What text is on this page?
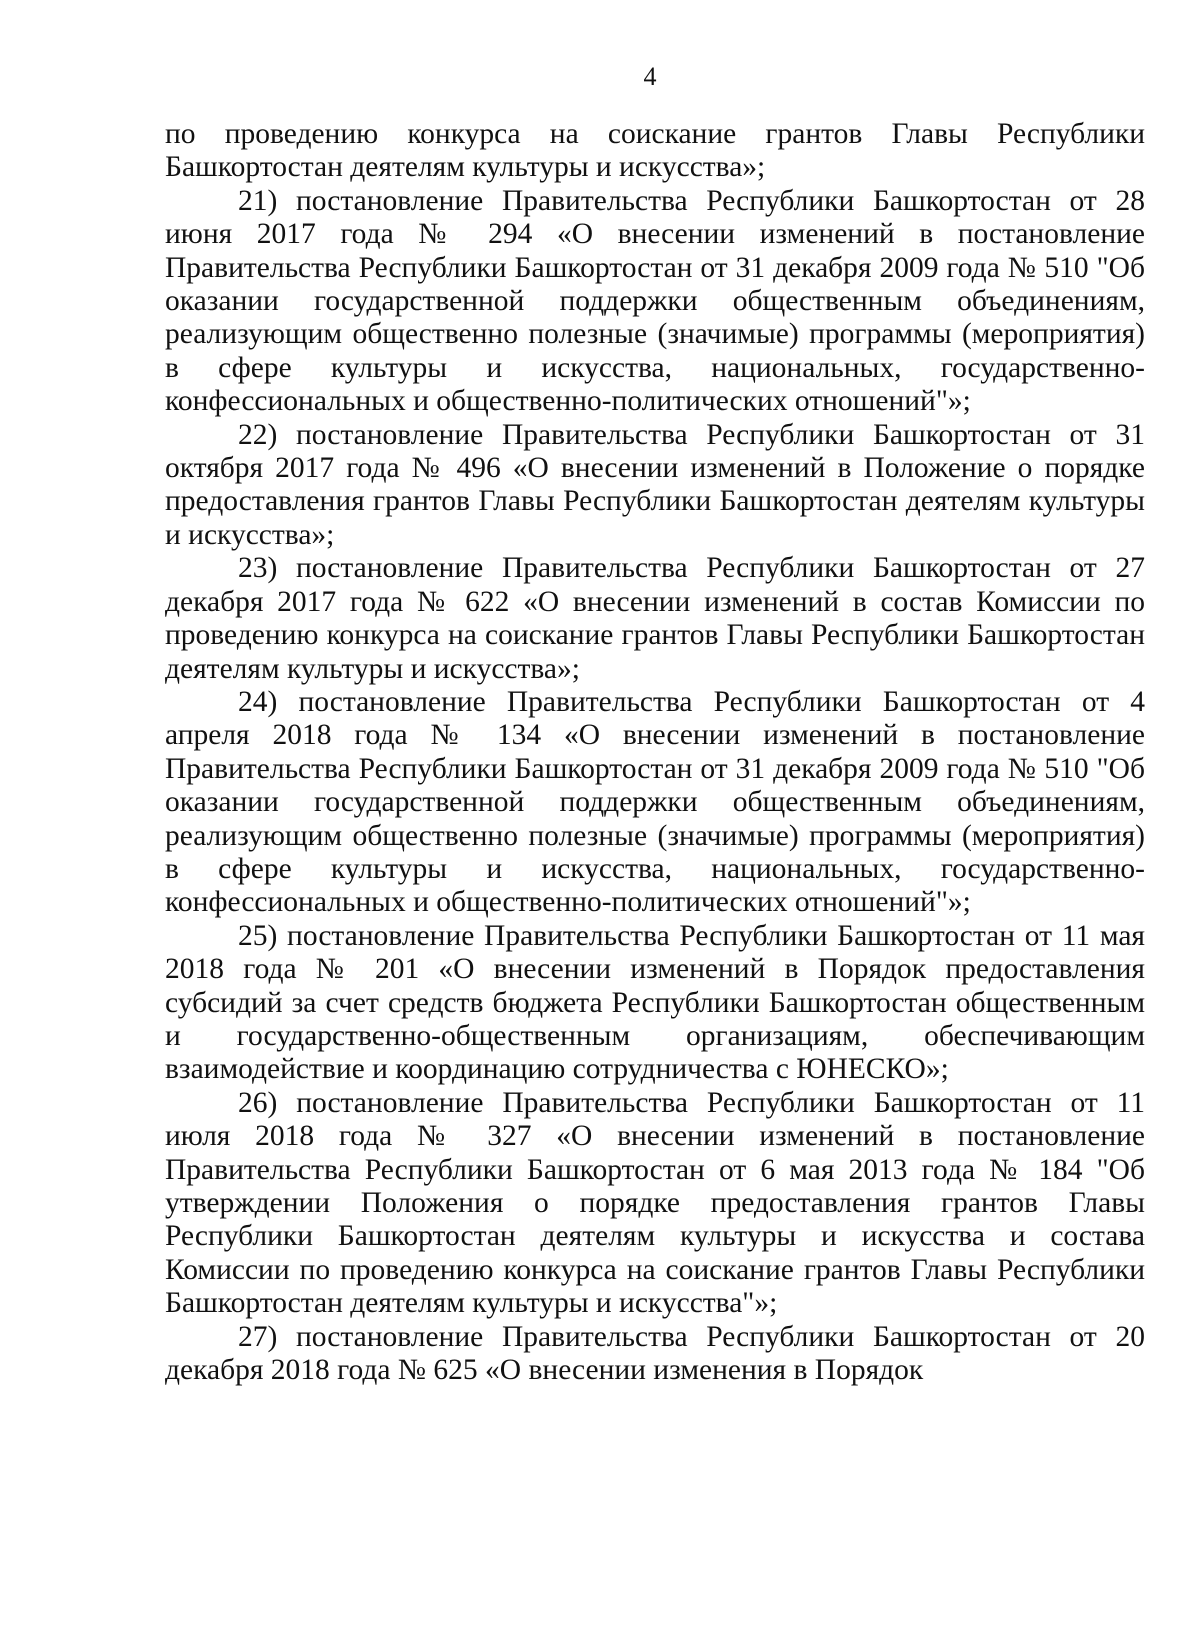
4

по проведению конкурса на соискание грантов Главы Республики Башкортостан деятелям культуры и искусства»;

21) постановление Правительства Республики Башкортостан от 28 июня 2017 года № 294 «О внесении изменений в постановление Правительства Республики Башкортостан от 31 декабря 2009 года № 510 "Об оказании государственной поддержки общественным объединениям, реализующим общественно полезные (значимые) программы (мероприятия) в сфере культуры и искусства, национальных, государственно-конфессиональных и общественно-политических отношений"»;

22) постановление Правительства Республики Башкортостан от 31 октября 2017 года № 496 «О внесении изменений в Положение о порядке предоставления грантов Главы Республики Башкортостан деятелям культуры и искусства»;

23) постановление Правительства Республики Башкортостан от 27 декабря 2017 года № 622 «О внесении изменений в состав Комиссии по проведению конкурса на соискание грантов Главы Республики Башкортостан деятелям культуры и искусства»;

24) постановление Правительства Республики Башкортостан от 4 апреля 2018 года № 134 «О внесении изменений в постановление Правительства Республики Башкортостан от 31 декабря 2009 года № 510 "Об оказании государственной поддержки общественным объединениям, реализующим общественно полезные (значимые) программы (мероприятия) в сфере культуры и искусства, национальных, государственно-конфессиональных и общественно-политических отношений"»;

25) постановление Правительства Республики Башкортостан от 11 мая 2018 года № 201 «О внесении изменений в Порядок предоставления субсидий за счет средств бюджета Республики Башкортостан общественным и государственно-общественным организациям, обеспечивающим взаимодействие и координацию сотрудничества с ЮНЕСКО»;

26) постановление Правительства Республики Башкортостан от 11 июля 2018 года № 327 «О внесении изменений в постановление Правительства Республики Башкортостан от 6 мая 2013 года № 184 "Об утверждении Положения о порядке предоставления грантов Главы Республики Башкортостан деятелям культуры и искусства и состава Комиссии по проведению конкурса на соискание грантов Главы Республики Башкортостан деятелям культуры и искусства"»;

27) постановление Правительства Республики Башкортостан от 20 декабря 2018 года № 625 «О внесении изменения в Порядок
